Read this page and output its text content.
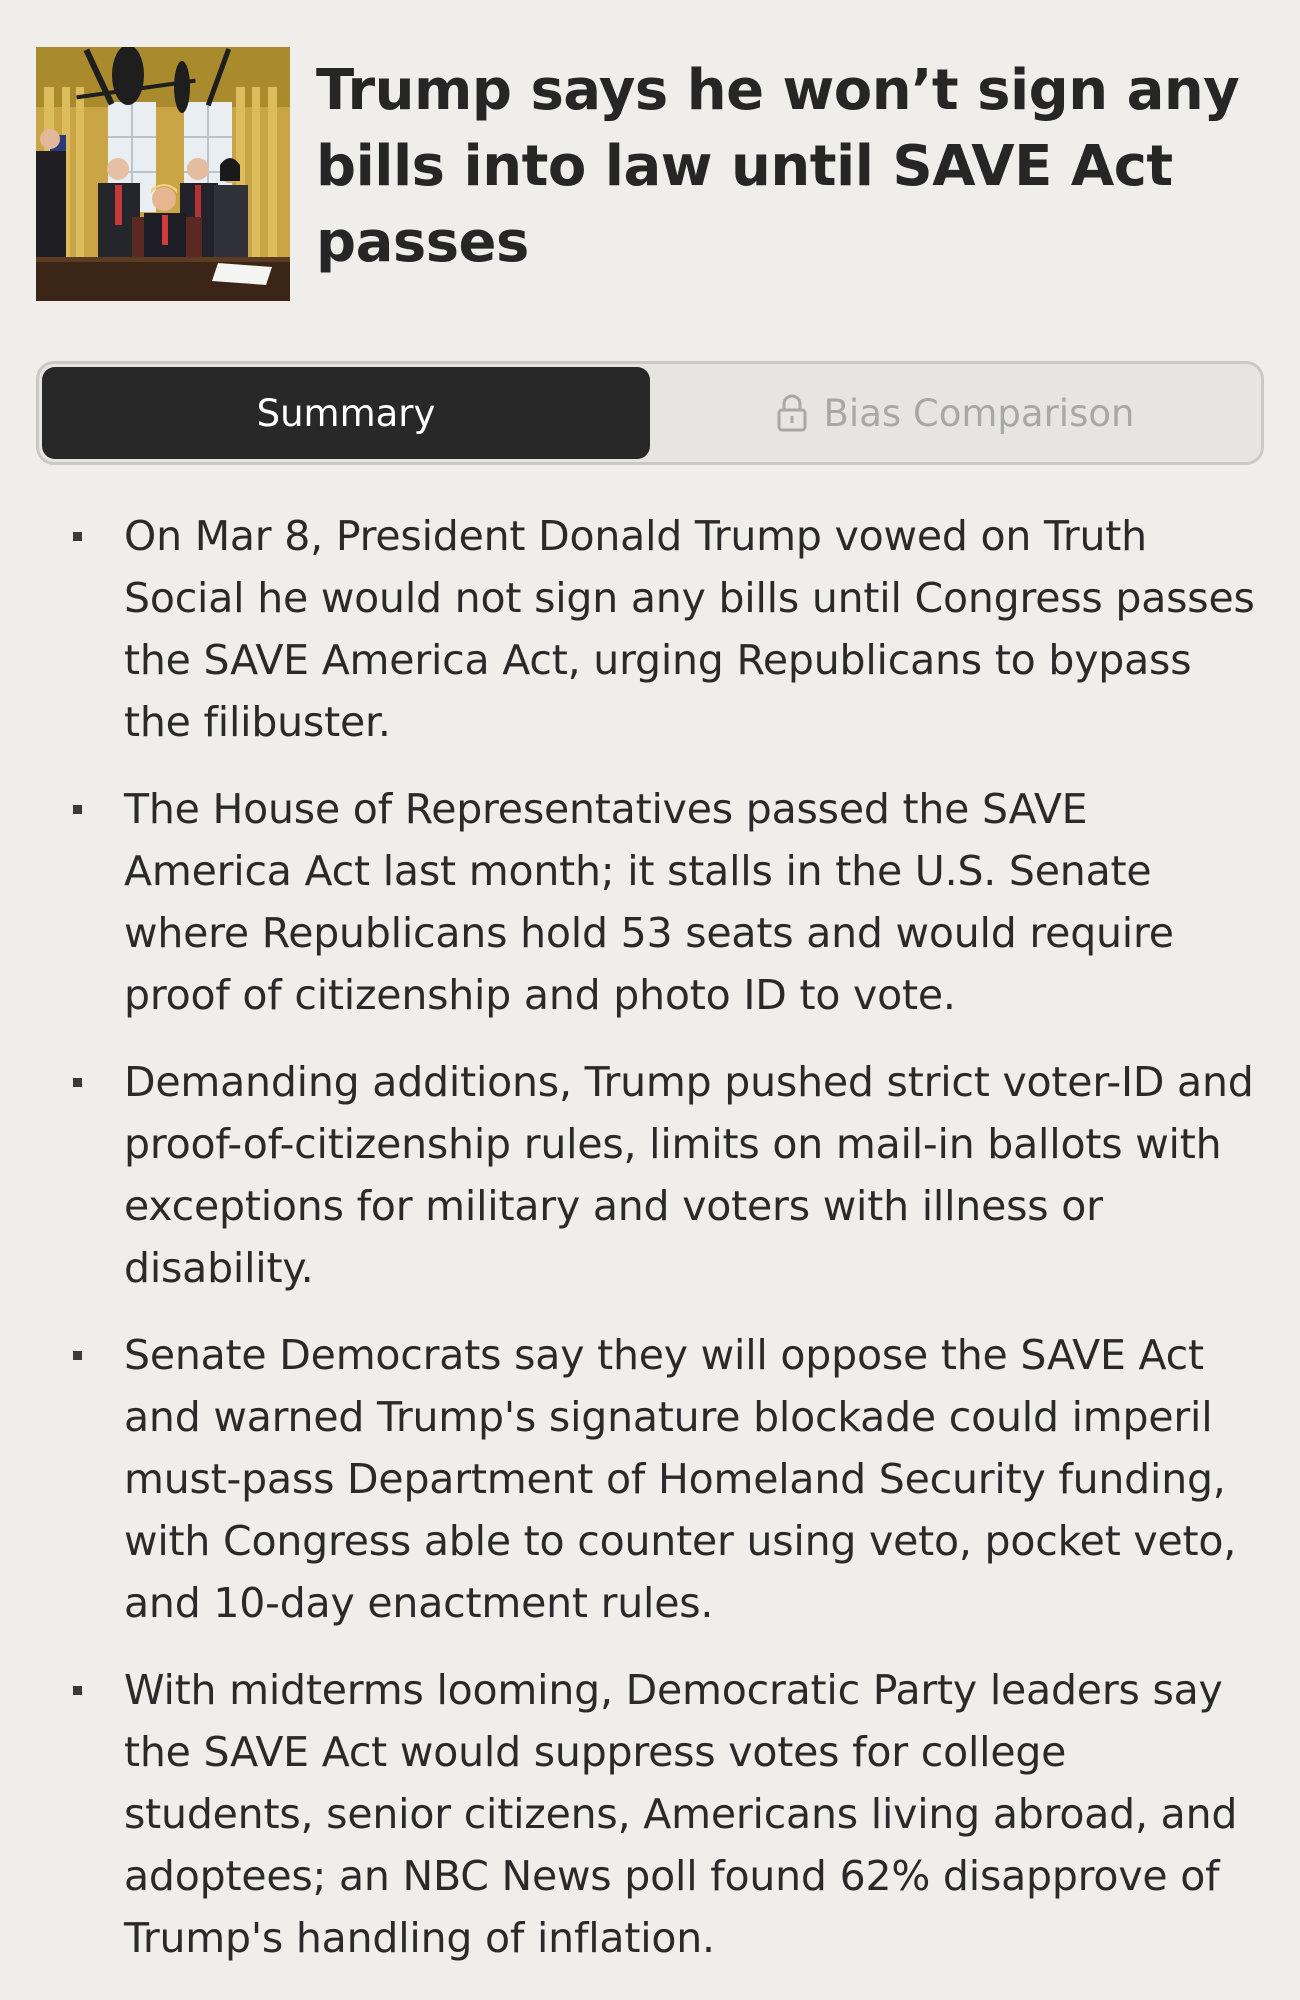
Trump says he won’t sign any bills into law until SAVE Act passes
Summary	Bias Comparison
On Mar 8, President Donald Trump vowed on Truth Social he would not sign any bills until Congress passes the SAVE America Act, urging Republicans to bypass the filibuster.
The House of Representatives passed the SAVE America Act last month; it stalls in the U.S. Senate where Republicans hold 53 seats and would require proof of citizenship and photo ID to vote.
Demanding additions, Trump pushed strict voter-ID and proof-of-citizenship rules, limits on mail-in ballots with exceptions for military and voters with illness or disability.
Senate Democrats say they will oppose the SAVE Act and warned Trump's signature blockade could imperil must-pass Department of Homeland Security funding, with Congress able to counter using veto, pocket veto, and 10-day enactment rules.
With midterms looming, Democratic Party leaders say the SAVE Act would suppress votes for college students, senior citizens, Americans living abroad, and adoptees; an NBC News poll found 62% disapprove of Trump's handling of inflation.
